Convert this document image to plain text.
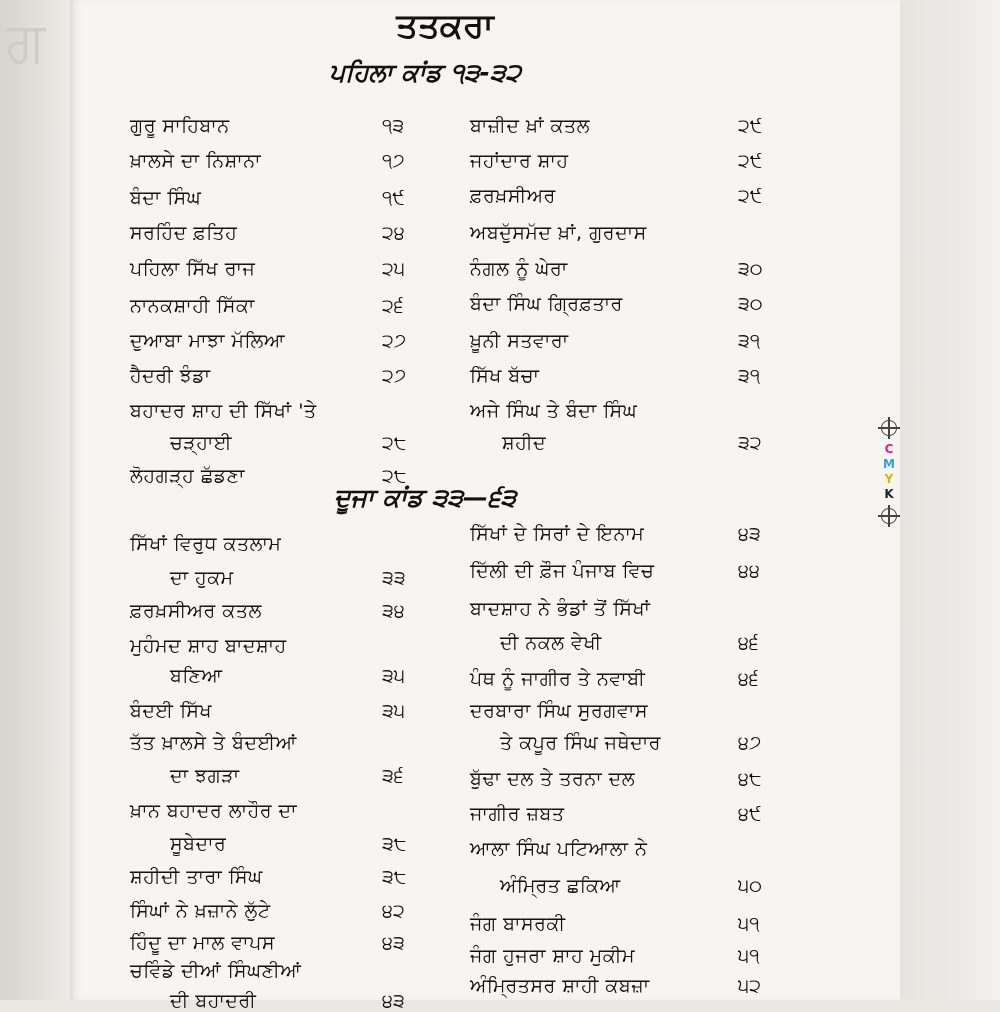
ਗ	ਤਤਕਰਾ
ਪਹਿਲਾ ਕਾਂਡ ੧੩-੩੨
ਦੂਜਾ ਕਾਂਡ ੩੩—੬੩
ਗੁਰੂ ਸਾਹਿਬਾਨ	੧੩
ਖ਼ਾਲਸੇ ਦਾ ਨਿਸ਼ਾਨਾ	੧੭
ਬੰਦਾ ਸਿੰਘ	੧੯
ਸਰਹਿੰਦ ਫ਼ਤਿਹ	੨੪
ਪਹਿਲਾ ਸਿੱਖ ਰਾਜ	੨੫
ਨਾਨਕਸ਼ਾਹੀ ਸਿੱਕਾ	੨੬
ਦੁਆਬਾ ਮਾਝਾ ਮੱਲਿਆ	੨੭
ਹੈਦਰੀ ਝੰਡਾ	੨੭
ਬਹਾਦਰ ਸ਼ਾਹ ਦੀ ਸਿੱਖਾਂ 'ਤੇ
ਚੜ੍ਹਾਈ	੨੮
ਲੋਹਗੜ੍ਹ ਛੱਡਣਾ	੨੮
ਬਾਜ਼ੀਦ ਖ਼ਾਂ ਕਤਲ	੨੯
ਜਹਾਂਦਾਰ ਸ਼ਾਹ	੨੯
ਫ਼ਰਖ਼ਸੀਅਰ	੨੯
ਅਬਦੁੱਸਮੱਦ ਖ਼ਾਂ, ਗੁਰਦਾਸ
ਨੰਗਲ ਨੂੰ ਘੇਰਾ	੩੦
ਬੰਦਾ ਸਿੰਘ ਗ੍ਰਿਫ਼ਤਾਰ	੩੦
ਖ਼ੂਨੀ ਸਤਵਾਰਾ	੩੧
ਸਿੱਖ ਬੱਚਾ	੩੧
ਅਜੇ ਸਿੰਘ ਤੇ ਬੰਦਾ ਸਿੰਘ
ਸ਼ਹੀਦ	੩੨
ਸਿੱਖਾਂ ਵਿਰੁਧ ਕਤਲਾਮ
ਦਾ ਹੁਕਮ	੩੩
ਫ਼ਰਖ਼ਸੀਅਰ ਕਤਲ	੩੪
ਮੁਹੰਮਦ ਸ਼ਾਹ ਬਾਦਸ਼ਾਹ
ਬਣਿਆ	੩੫
ਬੰਦਈ ਸਿੱਖ	੩੫
ਤੱਤ ਖ਼ਾਲਸੇ ਤੇ ਬੰਦਈਆਂ
ਦਾ ਝਗੜਾ	੩੬
ਖ਼ਾਨ ਬਹਾਦਰ ਲਾਹੌਰ ਦਾ
ਸੂਬੇਦਾਰ	੩੮
ਸ਼ਹੀਦੀ ਤਾਰਾ ਸਿੰਘ	੩੮
ਸਿੰਘਾਂ ਨੇ ਖ਼ਜ਼ਾਨੇ ਲੁੱਟੇ	੪੨
ਹਿੰਦੂ ਦਾ ਮਾਲ ਵਾਪਸ	੪੩
ਚਵਿੰਡੇ ਦੀਆਂ ਸਿੰਘਣੀਆਂ
ਦੀ ਬਹਾਦਰੀ	੪੩
ਸਿੱਖਾਂ ਦੇ ਸਿਰਾਂ ਦੇ ਇਨਾਮ	੪੩
ਦਿੱਲੀ ਦੀ ਫ਼ੌਜ ਪੰਜਾਬ ਵਿਚ	੪੪
ਬਾਦਸ਼ਾਹ ਨੇ ਭੰਡਾਂ ਤੋਂ ਸਿੱਖਾਂ
ਦੀ ਨਕਲ ਵੇਖੀ	੪੬
ਪੰਥ ਨੂੰ ਜਾਗੀਰ ਤੇ ਨਵਾਬੀ	੪੬
ਦਰਬਾਰਾ ਸਿੰਘ ਸੁਰਗਵਾਸ
ਤੇ ਕਪੂਰ ਸਿੰਘ ਜਥੇਦਾਰ	੪੭
ਬੁੱਢਾ ਦਲ ਤੇ ਤਰਨਾ ਦਲ	੪੮
ਜਾਗੀਰ ਜ਼ਬਤ	੪੯
ਆਲਾ ਸਿੰਘ ਪਟਿਆਲਾ ਨੇ
ਅੰਮ੍ਰਿਤ ਛਕਿਆ	੫੦
ਜੰਗ ਬਾਸਰਕੀ	੫੧
ਜੰਗ ਹੁਜਰਾ ਸ਼ਾਹ ਮੁਕੀਮ	੫੧
ਅੰਮ੍ਰਿਤਸਰ ਸ਼ਾਹੀ ਕਬਜ਼ਾ	੫੨
C
M
Y
K
